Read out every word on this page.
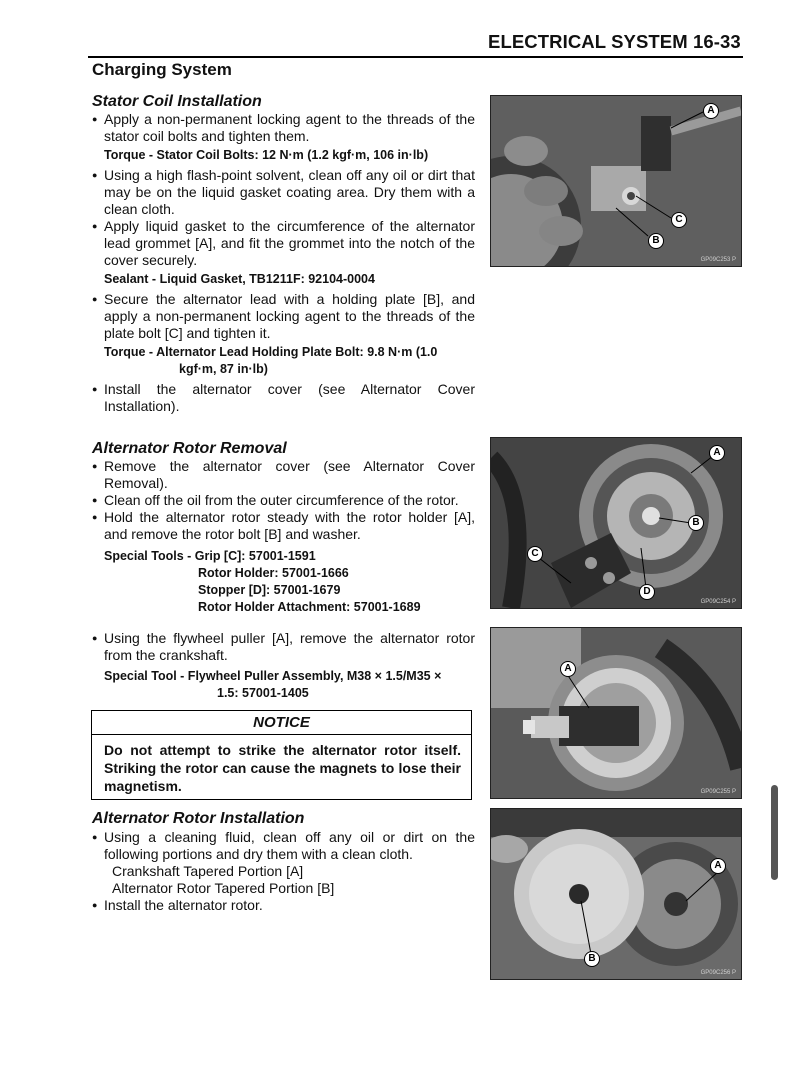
ELECTRICAL SYSTEM 16-33
Charging System
Stator Coil Installation

● Apply a non-permanent locking agent to the threads of the stator coil bolts and tighten them.

Torque - Stator Coil Bolts: 12 N·m (1.2 kgf·m, 106 in·lb)

● Using a high flash-point solvent, clean off any oil or dirt that may be on the liquid gasket coating area. Dry them with a clean cloth.

● Apply liquid gasket to the circumference of the alternator lead grommet [A], and fit the grommet into the notch of the cover securely.

Sealant - Liquid Gasket, TB1211F: 92104-0004

● Secure the alternator lead with a holding plate [B], and apply a non-permanent locking agent to the threads of the plate bolt [C] and tighten it.

Torque - Alternator Lead Holding Plate Bolt: 9.8 N·m (1.0
kgf·m, 87 in·lb)

● Install the alternator cover (see Alternator Cover Installation).

Alternator Rotor Removal

● Remove the alternator cover (see Alternator Cover Removal).

● Clean off the oil from the outer circumference of the rotor.

● Hold the alternator rotor steady with the rotor holder [A], and remove the rotor bolt [B] and washer.

Special Tools - Grip [C]: 57001-1591
Rotor Holder: 57001-1666
Stopper [D]: 57001-1679
Rotor Holder Attachment: 57001-1689

● Using the flywheel puller [A], remove the alternator rotor from the crankshaft.

Special Tool - Flywheel Puller Assembly, M38 × 1.5/M35 ×
1.5: 57001-1405
NOTICE
Do not attempt to strike the alternator rotor itself. Striking the rotor can cause the magnets to lose their magnetism.
Alternator Rotor Installation

● Using a cleaning fluid, clean off any oil or dirt on the following portions and dry them with a clean cloth.

Crankshaft Tapered Portion [A]
Alternator Rotor Tapered Portion [B]

● Install the alternator rotor.

A
C
B
GP09C253 P
A
B
C
D
GP09C254 P
A
GP09C255 P
A
B
GP09C256 P
